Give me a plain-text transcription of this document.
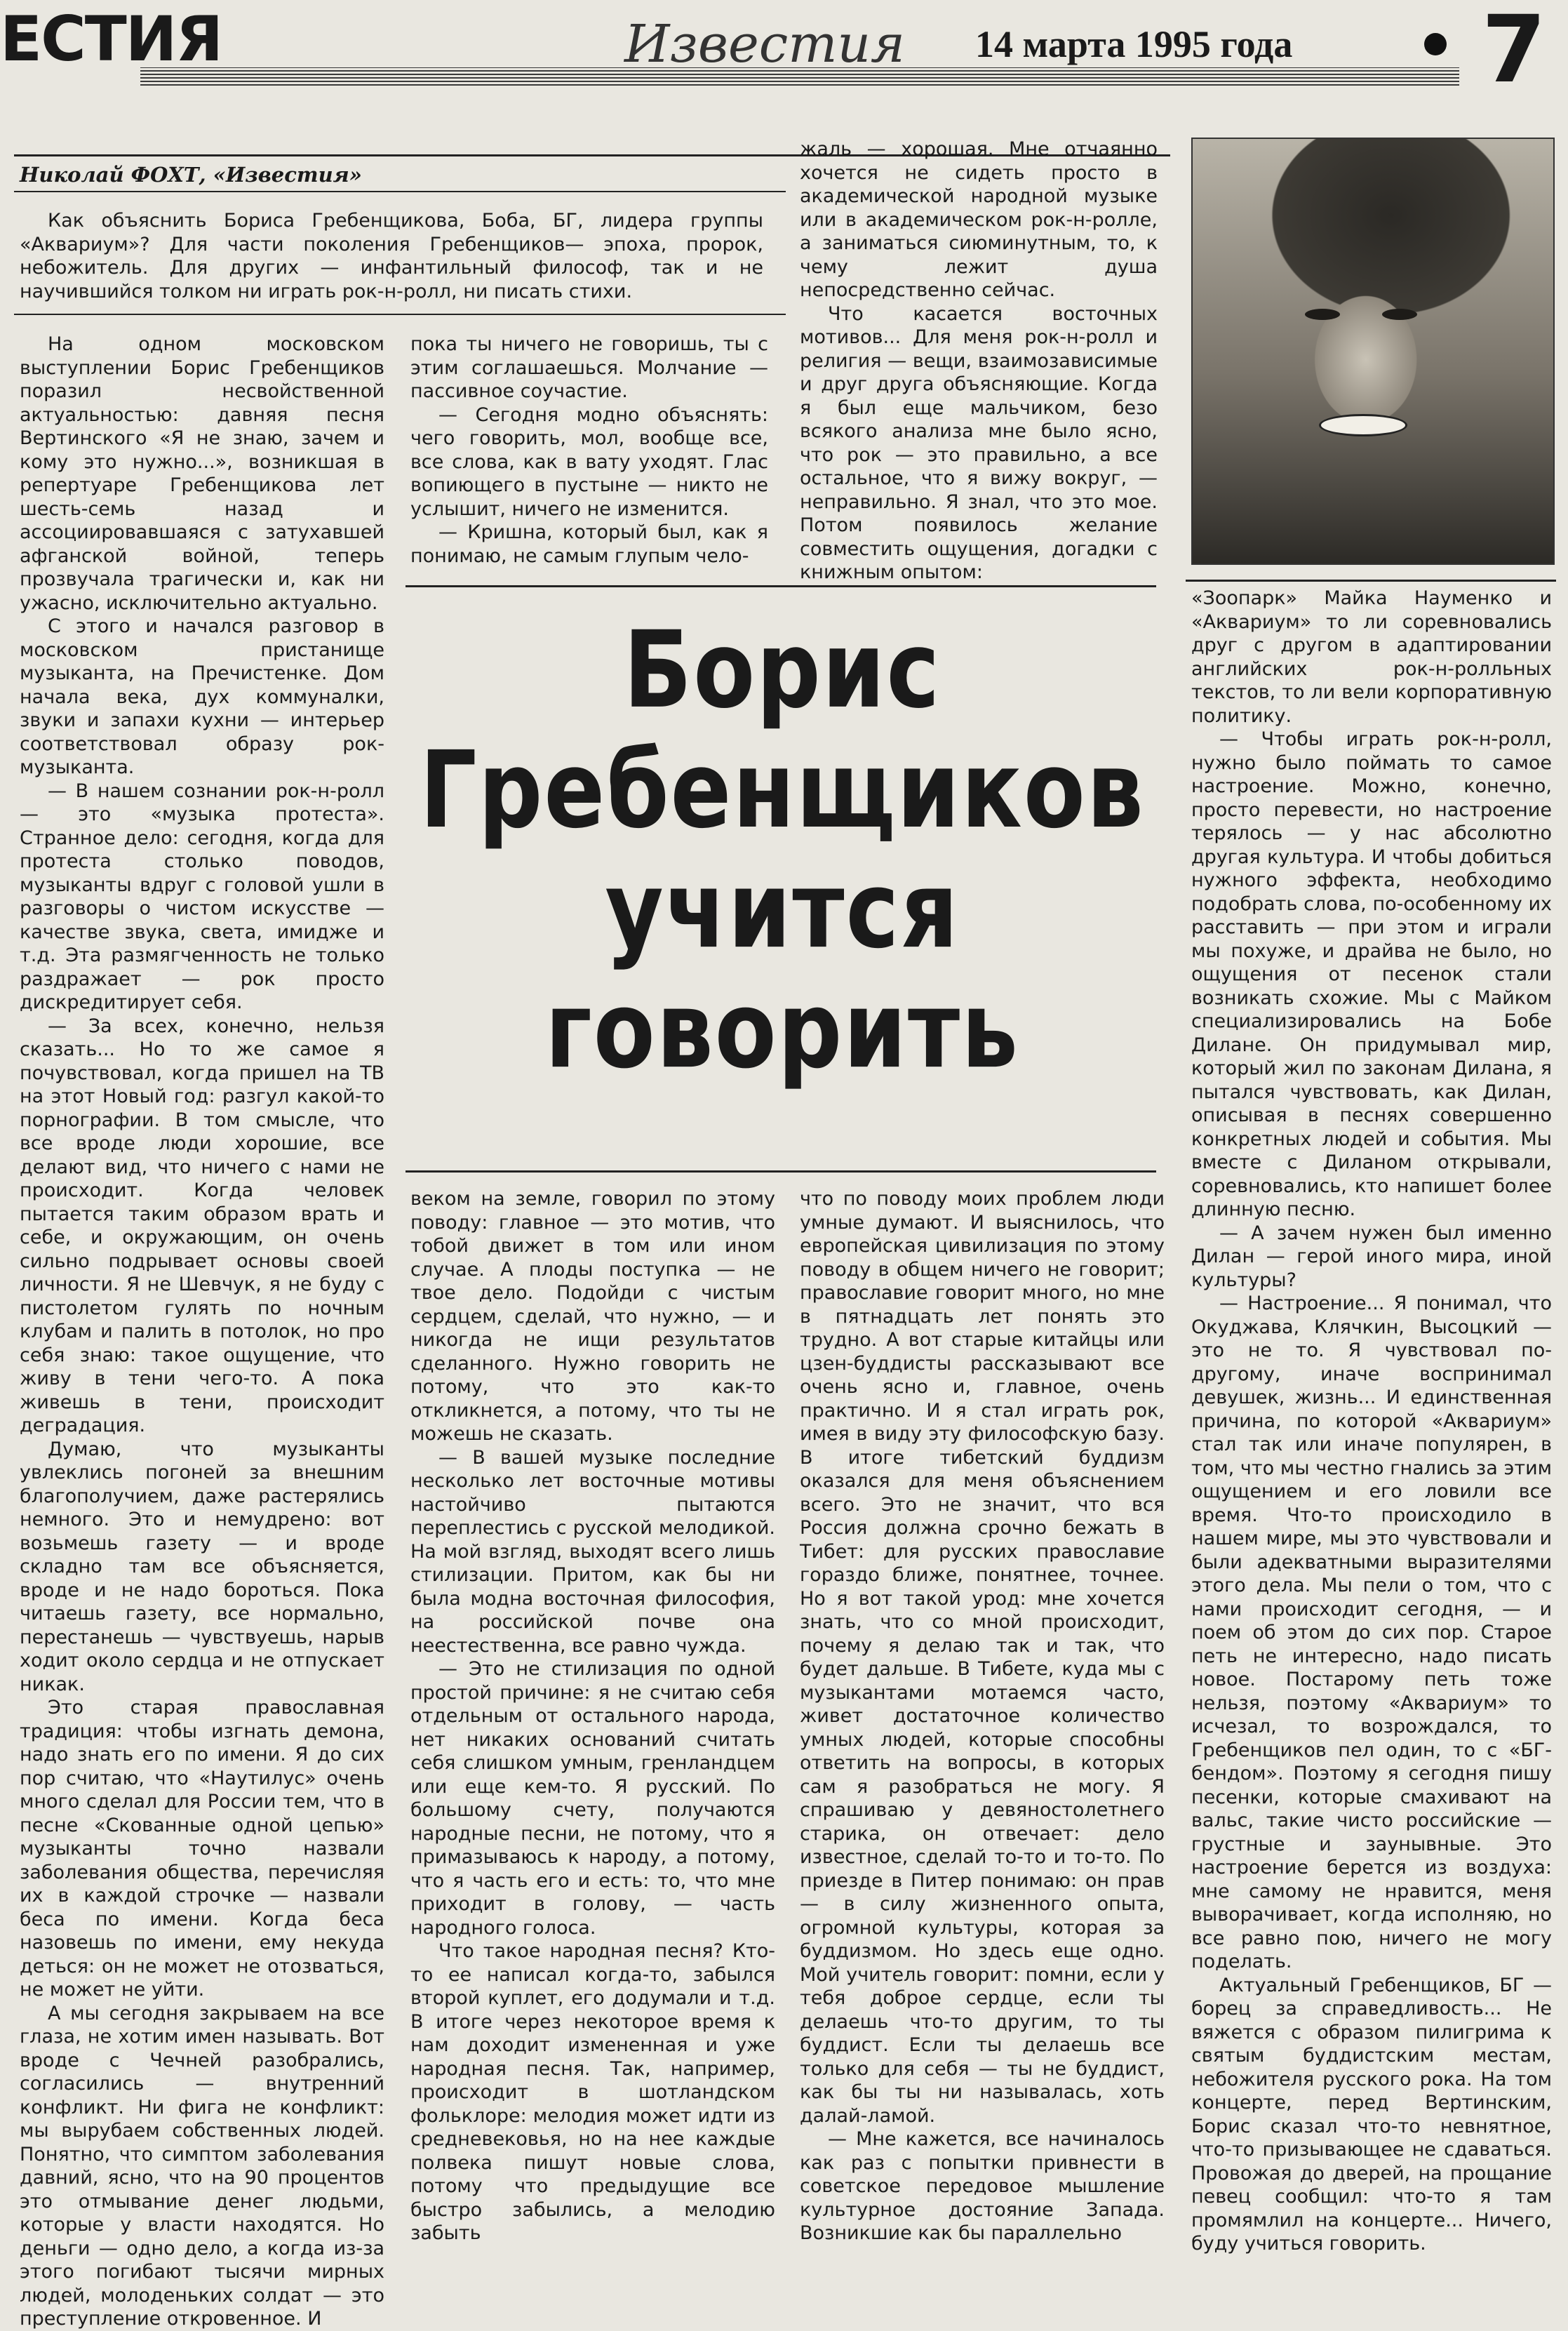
ЕСТИЯ	Известия 14 марта 1995 года 7
Николай ФОХТ, «Известия»

Как объяснить Бориса Гребенщикова, Боба, БГ, лидера группы «Аквариум»? Для части поколения Гребенщиков— эпоха, пророк, небожитель. Для других — инфантильный философ, так и не научившийся толком ни играть рок-н-ролл, ни писать стихи.

Борис
Гребенщиков
учится
говорить

На одном московском выступлении Борис Гребенщиков поразил несвойственной актуальностью: давняя песня Вертинского «Я не знаю, зачем и кому это нужно...», возникшая в репертуаре Гребенщикова лет шесть-семь назад и ассоциировавшаяся с затухавшей афганской войной, теперь прозвучала трагически и, как ни ужасно, исключительно актуально.

С этого и начался разговор в московском пристанище музыканта, на Пречистенке. Дом начала века, дух коммуналки, звуки и запахи кухни — интерьер соответствовал образу рок-музыканта.

— В нашем сознании рок-н-ролл — это «музыка протеста». Странное дело: сегодня, когда для протеста столько поводов, музыканты вдруг с головой ушли в разговоры о чистом искусстве — качестве звука, света, имидже и т.д. Эта размягченность не только раздражает — рок просто дискредитирует себя.

— За всех, конечно, нельзя сказать... Но то же самое я почувствовал, когда пришел на ТВ на этот Новый год: разгул какой-то порнографии. В том смысле, что все вроде люди хорошие, все делают вид, что ничего с нами не происходит. Когда человек пытается таким образом врать и себе, и окружающим, он очень сильно подрывает основы своей личности. Я не Шевчук, я не буду с пистолетом гулять по ночным клубам и палить в потолок, но про себя знаю: такое ощущение, что живу в тени чего-то. А пока живешь в тени, происходит деградация.

Думаю, что музыканты увлеклись погоней за внешним благополучием, даже растерялись немного. Это и немудрено: вот возьмешь газету — и вроде складно там все объясняется, вроде и не надо бороться. Пока читаешь газету, все нормально, перестанешь — чувствуешь, нарыв ходит около сердца и не отпускает никак.

Это старая православная традиция: чтобы изгнать демона, надо знать его по имени. Я до сих пор считаю, что «Наутилус» очень много сделал для России тем, что в песне «Скованные одной цепью» музыканты точно назвали заболевания общества, перечисляя их в каждой строчке — назвали беса по имени. Когда беса назовешь по имени, ему некуда деться: он не может не отозваться, не может не уйти.

А мы сегодня закрываем на все глаза, не хотим имен называть. Вот вроде с Чечней разобрались, согласились — внутренний конфликт. Ни фига не конфликт: мы вырубаем собственных людей. Понятно, что симптом заболевания давний, ясно, что на 90 процентов это отмывание денег людьми, которые у власти находятся. Но деньги — одно дело, а когда из-за этого погибают тысячи мирных людей, молоденьких солдат — это преступление откровенное. И

пока ты ничего не говоришь, ты с этим соглашаешься. Молчание — пассивное соучастие.

— Сегодня модно объяснять: чего говорить, мол, вообще все, все слова, как в вату уходят. Глас вопиющего в пустыне — никто не услышит, ничего не изменится.

— Кришна, который был, как я понимаю, не самым глупым чело-

жаль — хорошая. Мне отчаянно хочется не сидеть просто в академической народной музыке или в академическом рок-н-ролле, а заниматься сиюминутным, то, к чему лежит душа непосредственно сейчас.

Что касается восточных мотивов... Для меня рок-н-ролл и религия — вещи, взаимозависимые и друг друга объясняющие. Когда я был еще мальчиком, безо всякого анализа мне было ясно, что рок — это правильно, а все остальное, что я вижу вокруг, — неправильно. Я знал, что это мое. Потом появилось желание совместить ощущения, догадки с книжным опытом:

веком на земле, говорил по этому поводу: главное — это мотив, что тобой движет в том или ином случае. А плоды поступка — не твое дело. Подойди с чистым сердцем, сделай, что нужно, — и никогда не ищи результатов сделанного. Нужно говорить не потому, что это как-то откликнется, а потому, что ты не можешь не сказать.

— В вашей музыке последние несколько лет восточные мотивы настойчиво пытаются переплестись с русской мелодикой. На мой взгляд, выходят всего лишь стилизации. Притом, как бы ни была модна восточная философия, на российской почве она неестественна, все равно чужда.

— Это не стилизация по одной простой причине: я не считаю себя отдельным от остального народа, нет никаких оснований считать себя слишком умным, гренландцем или еще кем-то. Я русский. По большому счету, получаются народные песни, не потому, что я примазываюсь к народу, а потому, что я часть его и есть: то, что мне приходит в голову, — часть народного голоса.

Что такое народная песня? Кто-то ее написал когда-то, забылся второй куплет, его додумали и т.д. В итоге через некоторое время к нам доходит измененная и уже народная песня. Так, например, происходит в шотландском фольклоре: мелодия может идти из средневековья, но на нее каждые полвека пишут новые слова, потому что предыдущие все быстро забылись, а мелодию забыть

что по поводу моих проблем люди умные думают. И выяснилось, что европейская цивилизация по этому поводу в общем ничего не говорит; православие говорит много, но мне в пятнадцать лет понять это трудно. А вот старые китайцы или цзен-буддисты рассказывают все очень ясно и, главное, очень практично. И я стал играть рок, имея в виду эту философскую базу. В итоге тибетский буддизм оказался для меня объяснением всего. Это не значит, что вся Россия должна срочно бежать в Тибет: для русских православие гораздо ближе, понятнее, точнее. Но я вот такой урод: мне хочется знать, что со мной происходит, почему я делаю так и так, что будет дальше. В Тибете, куда мы с музыкантами мотаемся часто, живет достаточное количество умных людей, которые способны ответить на вопросы, в которых сам я разобраться не могу. Я спрашиваю у девяностолетнего старика, он отвечает: дело известное, сделай то-то и то-то. По приезде в Питер понимаю: он прав — в силу жизненного опыта, огромной культуры, которая за буддизмом. Но здесь еще одно. Мой учитель говорит: помни, если у тебя доброе сердце, если ты делаешь что-то другим, то ты буддист. Если ты делаешь все только для себя — ты не буддист, как бы ты ни называлась, хоть далай-ламой.

— Мне кажется, все начиналось как раз с попытки привнести в советское передовое мышление культурное достояние Запада. Возникшие как бы параллельно

«Зоопарк» Майка Науменко и «Аквариум» то ли соревновались друг с другом в адаптировании английских рок-н-ролльных текстов, то ли вели корпоративную политику.

— Чтобы играть рок-н-ролл, нужно было поймать то самое настроение. Можно, конечно, просто перевести, но настроение терялось — у нас абсолютно другая культура. И чтобы добиться нужного эффекта, необходимо подобрать слова, по-особенному их расставить — при этом и играли мы похуже, и драйва не было, но ощущения от песенок стали возникать схожие. Мы с Майком специализировались на Бобе Дилане. Он придумывал мир, который жил по законам Дилана, я пытался чувствовать, как Дилан, описывая в песнях совершенно конкретных людей и события. Мы вместе с Диланом открывали, соревновались, кто напишет более длинную песню.

— А зачем нужен был именно Дилан — герой иного мира, иной культуры?

— Настроение... Я понимал, что Окуджава, Клячкин, Высоцкий — это не то. Я чувствовал по-другому, иначе воспринимал девушек, жизнь... И единственная причина, по которой «Аквариум» стал так или иначе популярен, в том, что мы честно гнались за этим ощущением и его ловили все время. Что-то происходило в нашем мире, мы это чувствовали и были адекватными выразителями этого дела. Мы пели о том, что с нами происходит сегодня, — и поем об этом до сих пор. Старое петь не интересно, надо писать новое. Постарому петь тоже нельзя, поэтому «Аквариум» то исчезал, то возрождался, то Гребенщиков пел один, то с «БГ-бендом». Поэтому я сегодня пишу песенки, которые смахивают на вальс, такие чисто российские — грустные и заунывные. Это настроение берется из воздуха: мне самому не нравится, меня выворачивает, когда исполняю, но все равно пою, ничего не могу поделать.

Актуальный Гребенщиков, БГ — борец за справедливость... Не вяжется с образом пилигрима к святым буддистским местам, небожителя русского рока. На том концерте, перед Вертинским, Борис сказал что-то невнятное, что-то призывающее не сдаваться. Провожая до дверей, на прощание певец сообщил: что-то я там промямлил на концерте... Ничего, буду учиться говорить.
